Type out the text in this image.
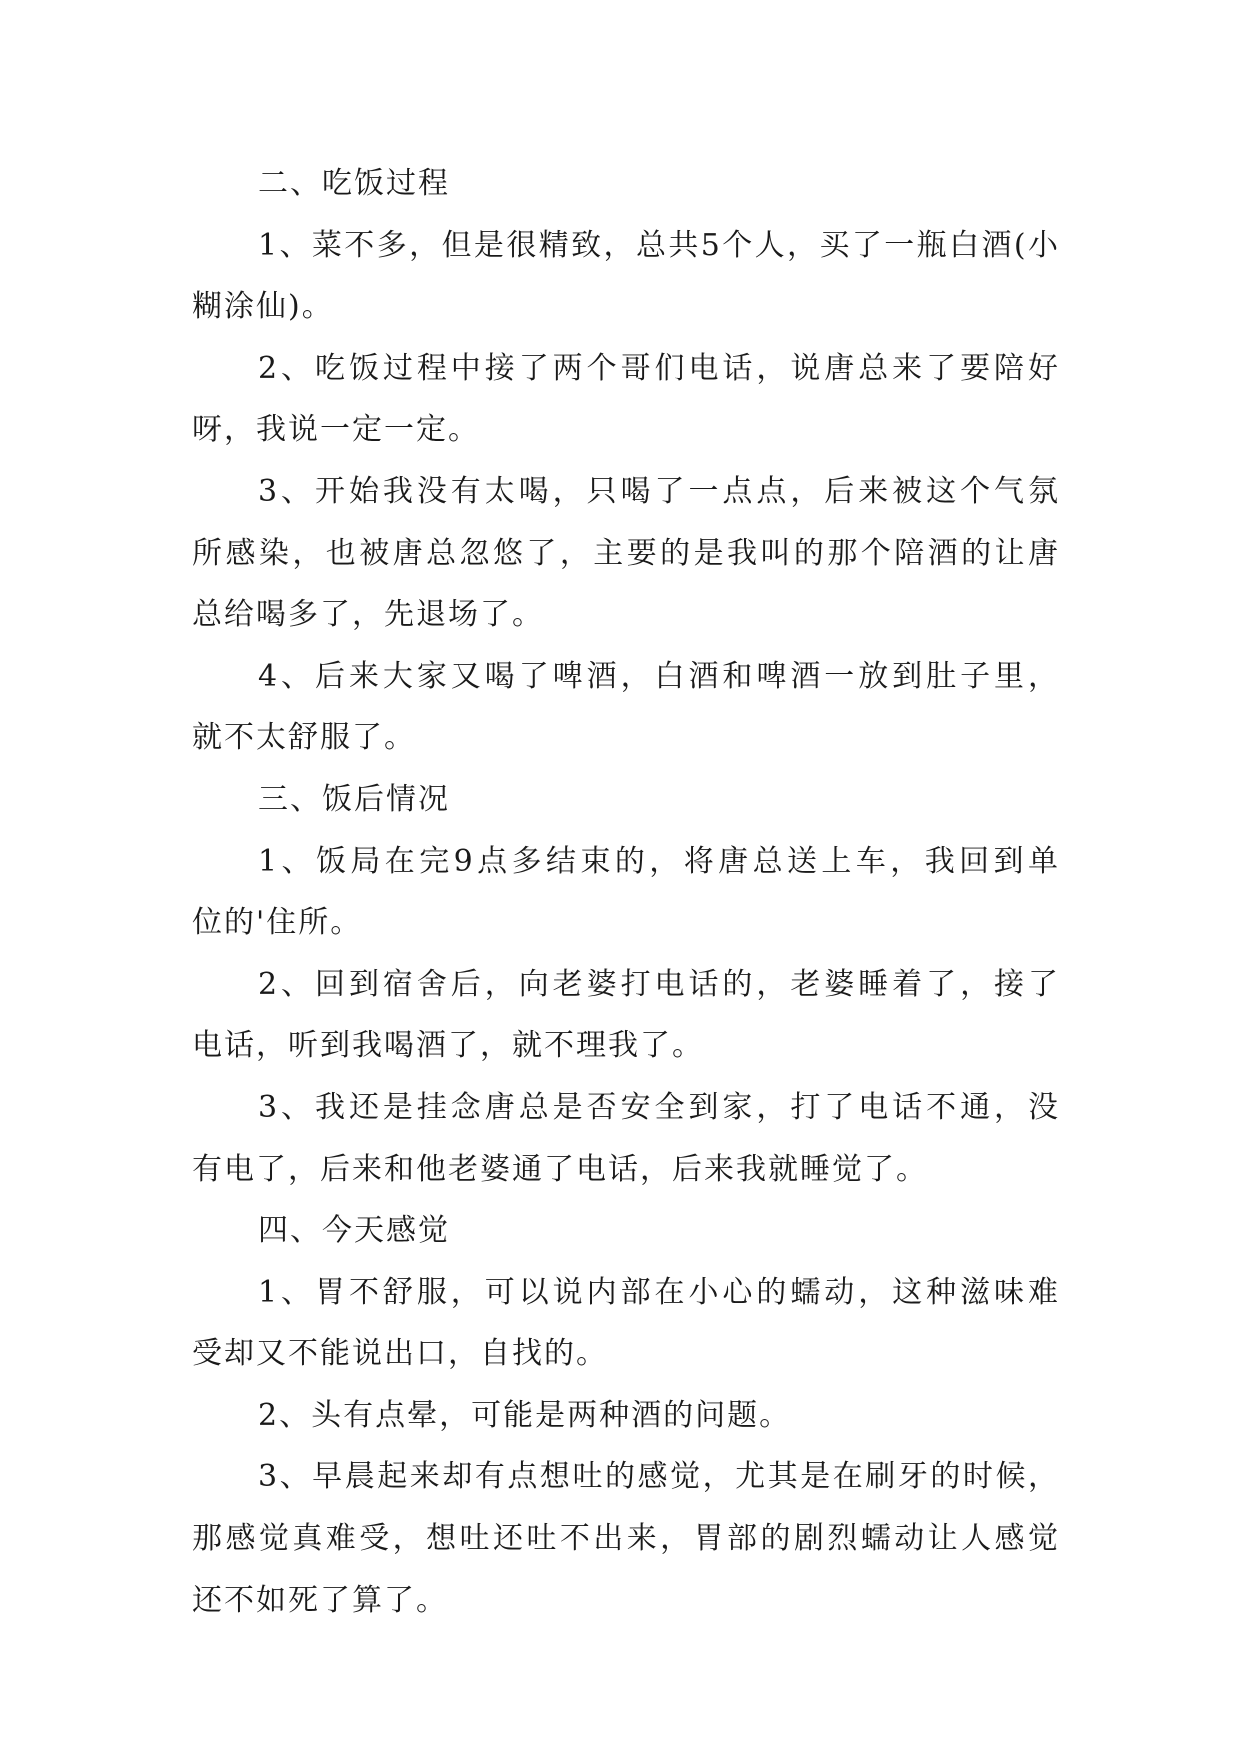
二、吃饭过程
1、菜不多，但是很精致，总共5个人，买了一瓶白酒(小
糊涂仙)。
2、吃饭过程中接了两个哥们电话，说唐总来了要陪好
呀，我说一定一定。
3、开始我没有太喝，只喝了一点点，后来被这个气氛
所感染，也被唐总忽悠了，主要的是我叫的那个陪酒的让唐
总给喝多了，先退场了。
4、后来大家又喝了啤酒，白酒和啤酒一放到肚子里，
就不太舒服了。
三、饭后情况
1、饭局在完9点多结束的，将唐总送上车，我回到单
位的'住所。
2、回到宿舍后，向老婆打电话的，老婆睡着了，接了
电话，听到我喝酒了，就不理我了。
3、我还是挂念唐总是否安全到家，打了电话不通，没
有电了，后来和他老婆通了电话，后来我就睡觉了。
四、今天感觉
1、胃不舒服，可以说内部在小心的蠕动，这种滋味难
受却又不能说出口，自找的。
2、头有点晕，可能是两种酒的问题。
3、早晨起来却有点想吐的感觉，尤其是在刷牙的时候，
那感觉真难受，想吐还吐不出来，胃部的剧烈蠕动让人感觉
还不如死了算了。
